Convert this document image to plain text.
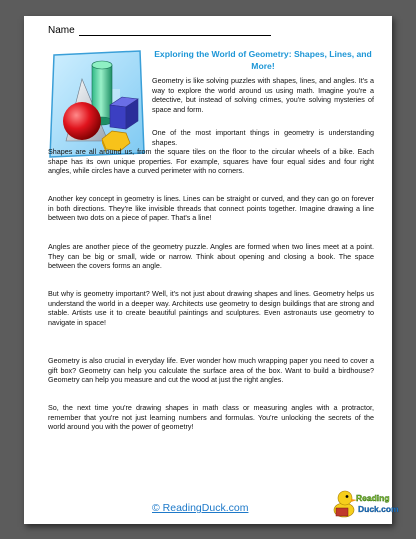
Name
Exploring the World of Geometry: Shapes, Lines, and More!

Geometry is like solving puzzles with shapes, lines, and angles. It's a way to explore the world around us using math. Imagine you're a detective, but instead of solving crimes, you're solving mysteries of space and form.

One of the most important things in geometry is understanding shapes.

Shapes are all around us, from the square tiles on the floor to the circular wheels of a bike. Each shape has its own unique properties. For example, squares have four equal sides and four right angles, while circles have a curved perimeter with no corners.

Another key concept in geometry is lines. Lines can be straight or curved, and they can go on forever in both directions. They're like invisible threads that connect points together. Imagine drawing a line between two dots on a piece of paper. That's a line!

Angles are another piece of the geometry puzzle. Angles are formed when two lines meet at a point. They can be big or small, wide or narrow. Think about opening and closing a book. The space between the covers forms an angle.

But why is geometry important? Well, it's not just about drawing shapes and lines. Geometry helps us understand the world in a deeper way. Architects use geometry to design buildings that are strong and stable. Artists use it to create beautiful paintings and sculptures. Even astronauts use geometry to navigate in space!

Geometry is also crucial in everyday life. Ever wonder how much wrapping paper you need to cover a gift box? Geometry can help you calculate the surface area of the box. Want to build a birdhouse? Geometry can help you measure and cut the wood at just the right angles.

So, the next time you're drawing shapes in math class or measuring angles with a protractor, remember that you're not just learning numbers and formulas. You're unlocking the secrets of the world around you with the power of geometry!

© ReadingDuck.com
Reading
Duck.com
